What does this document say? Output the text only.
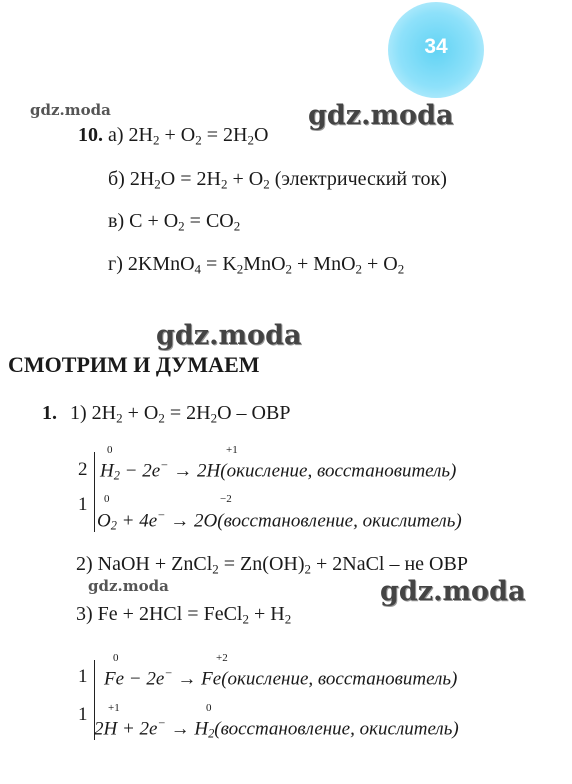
34
gdz.moda	gdz.moda
gdz.moda
gdz.moda	gdz.moda
10. а) $2H_2 + O_2 = 2H_2O$
б) $2H_2O = 2H_2 + O_2$ (электрический ток)
в) $C + O_2 = CO_2$
г) 2KMnO$_4$ = $K_2MnO_2 + MnO_2 + O_2$
СМОТРИМ И ДУМАЕМ
1. 1) $2H_2 + O_2 = 2H_2O$ – ОВР
2
0	+1
$H_2 - 2e^-$ → 2H(окисление, восстановитель)
1 0	−2
$O_2 + 4e^-$ → 2O(восстановление, окислитель)
2) NaOH + ZnCl$_2$ = $Zn(OH)_2$ + 2NaCl – не ОВР
3) Fe + 2HCl = FeCl$_2$ + $H_2$
1
0	+2
Fe − 2e− → Fe(окисление, восстановитель)
1 +1	0
$2H + 2e^- \to H_2(восстановление$, окислитель)
